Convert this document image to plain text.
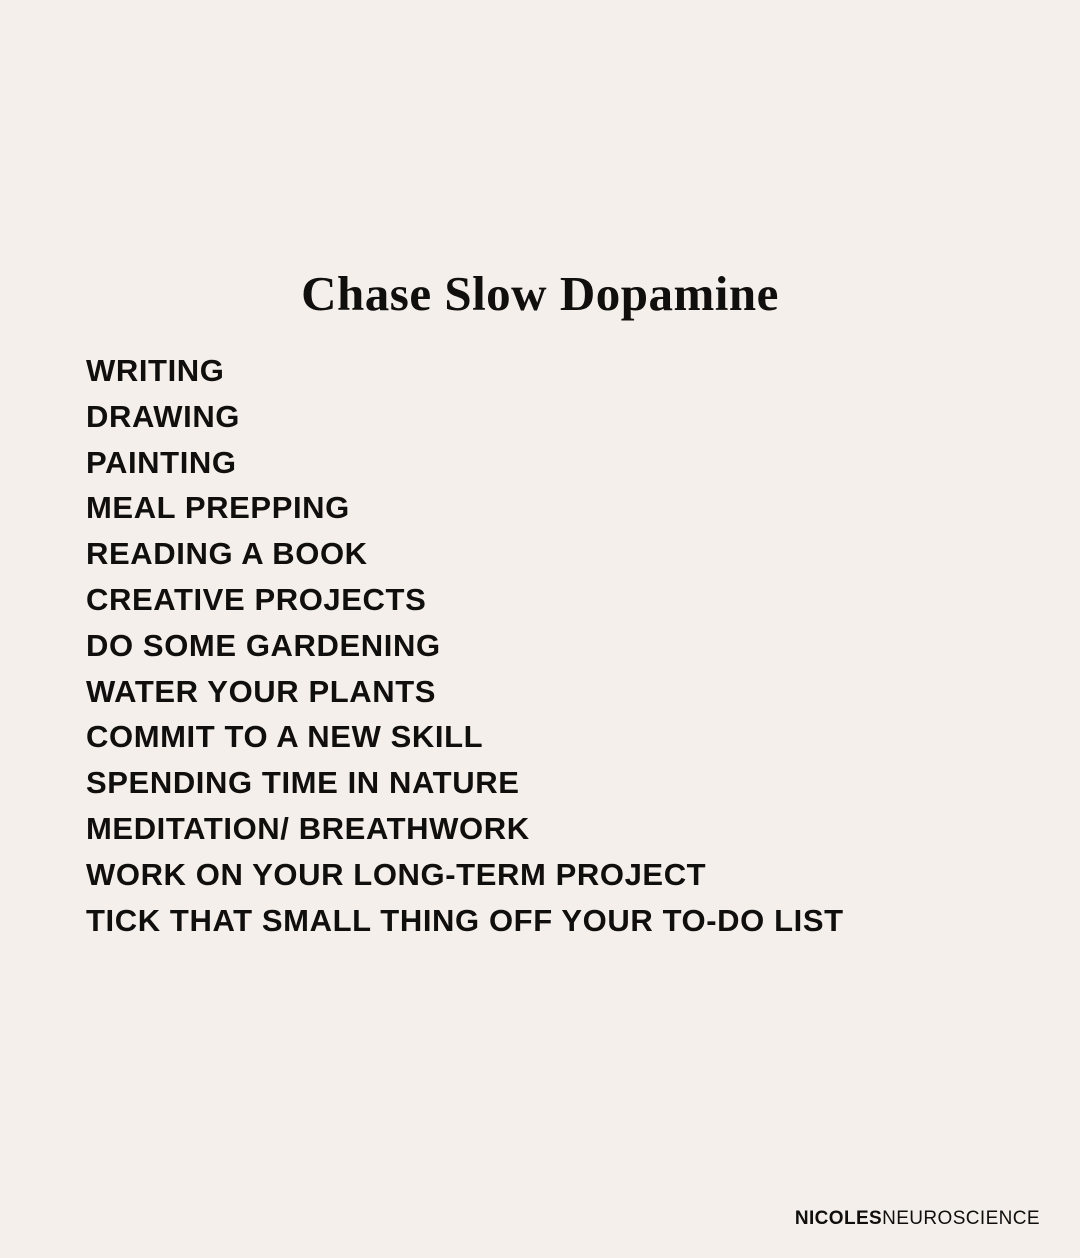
Chase Slow Dopamine
WRITING
DRAWING
PAINTING
MEAL PREPPING
READING A BOOK
CREATIVE PROJECTS
DO SOME GARDENING
WATER YOUR PLANTS
COMMIT TO A NEW SKILL
SPENDING TIME IN NATURE
MEDITATION/ BREATHWORK
WORK ON YOUR LONG-TERM PROJECT
TICK THAT SMALL THING OFF YOUR TO-DO LIST
NICOLESNEUROSCIENCE
